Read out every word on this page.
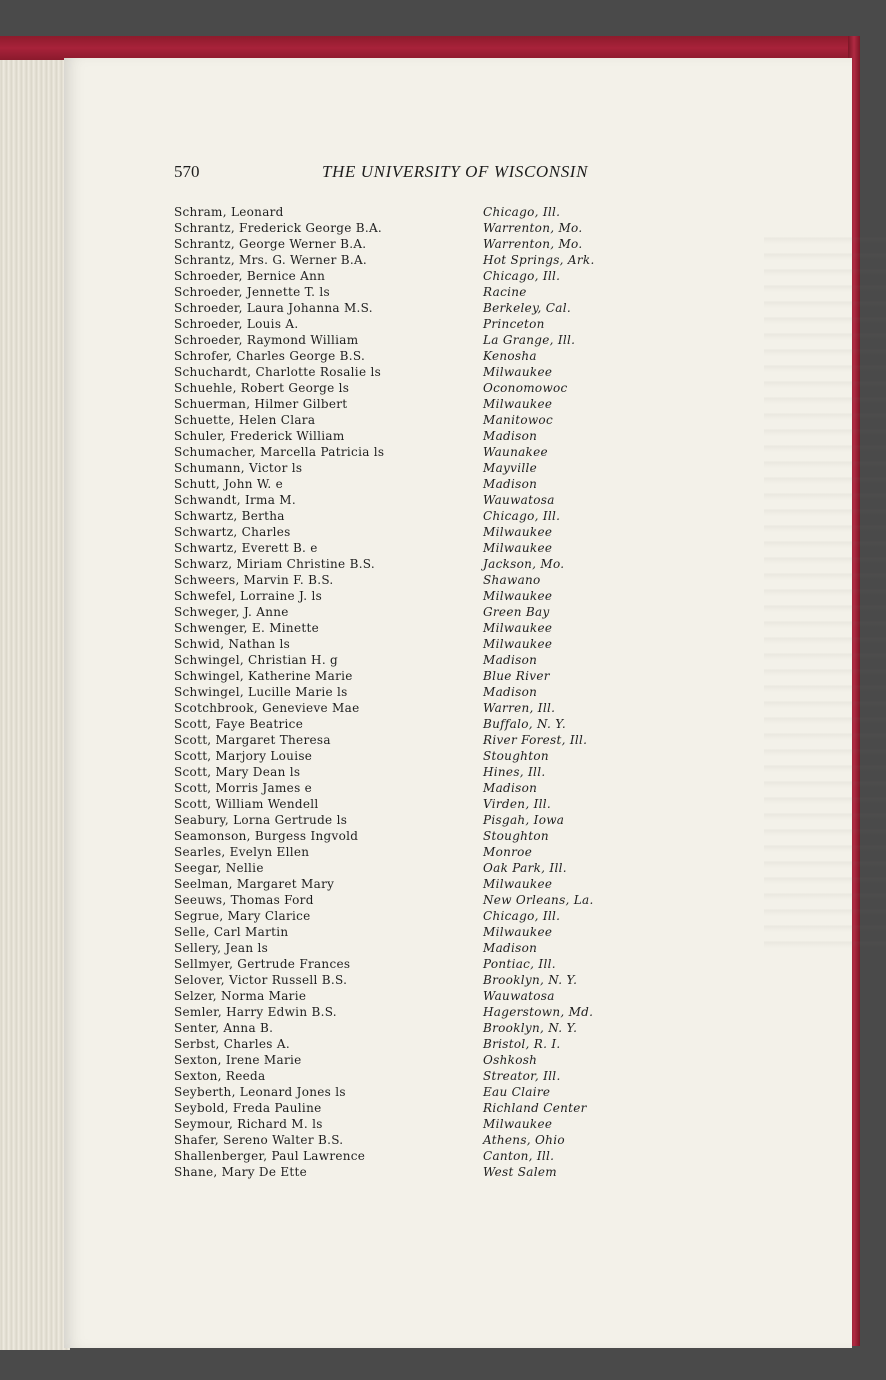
570	THE UNIVERSITY OF WISCONSIN
Schram, Leonard	Chicago, Ill.
Schrantz, Frederick George B.A.	Warrenton, Mo.
Schrantz, George Werner B.A.	Warrenton, Mo.
Schrantz, Mrs. G. Werner B.A.	Hot Springs, Ark.
Schroeder, Bernice Ann	Chicago, Ill.
Schroeder, Jennette T. ls	Racine
Schroeder, Laura Johanna M.S.	Berkeley, Cal.
Schroeder, Louis A.	Princeton
Schroeder, Raymond William	La Grange, Ill.
Schrofer, Charles George B.S.	Kenosha
Schuchardt, Charlotte Rosalie ls	Milwaukee
Schuehle, Robert George ls	Oconomowoc
Schuerman, Hilmer Gilbert	Milwaukee
Schuette, Helen Clara	Manitowoc
Schuler, Frederick William	Madison
Schumacher, Marcella Patricia ls	Waunakee
Schumann, Victor ls	Mayville
Schutt, John W. e	Madison
Schwandt, Irma M.	Wauwatosa
Schwartz, Bertha	Chicago, Ill.
Schwartz, Charles	Milwaukee
Schwartz, Everett B. e	Milwaukee
Schwarz, Miriam Christine B.S.	Jackson, Mo.
Schweers, Marvin F. B.S.	Shawano
Schwefel, Lorraine J. ls	Milwaukee
Schweger, J. Anne	Green Bay
Schwenger, E. Minette	Milwaukee
Schwid, Nathan ls	Milwaukee
Schwingel, Christian H. g	Madison
Schwingel, Katherine Marie	Blue River
Schwingel, Lucille Marie ls	Madison
Scotchbrook, Genevieve Mae	Warren, Ill.
Scott, Faye Beatrice	Buffalo, N. Y.
Scott, Margaret Theresa	River Forest, Ill.
Scott, Marjory Louise	Stoughton
Scott, Mary Dean ls	Hines, Ill.
Scott, Morris James e	Madison
Scott, William Wendell	Virden, Ill.
Seabury, Lorna Gertrude ls	Pisgah, Iowa
Seamonson, Burgess Ingvold	Stoughton
Searles, Evelyn Ellen	Monroe
Seegar, Nellie	Oak Park, Ill.
Seelman, Margaret Mary	Milwaukee
Seeuws, Thomas Ford	New Orleans, La.
Segrue, Mary Clarice	Chicago, Ill.
Selle, Carl Martin	Milwaukee
Sellery, Jean ls	Madison
Sellmyer, Gertrude Frances	Pontiac, Ill.
Selover, Victor Russell B.S.	Brooklyn, N. Y.
Selzer, Norma Marie	Wauwatosa
Semler, Harry Edwin B.S.	Hagerstown, Md.
Senter, Anna B.	Brooklyn, N. Y.
Serbst, Charles A.	Bristol, R. I.
Sexton, Irene Marie	Oshkosh
Sexton, Reeda	Streator, Ill.
Seyberth, Leonard Jones ls	Eau Claire
Seybold, Freda Pauline	Richland Center
Seymour, Richard M. ls	Milwaukee
Shafer, Sereno Walter B.S.	Athens, Ohio
Shallenberger, Paul Lawrence	Canton, Ill.
Shane, Mary De Ette	West Salem
